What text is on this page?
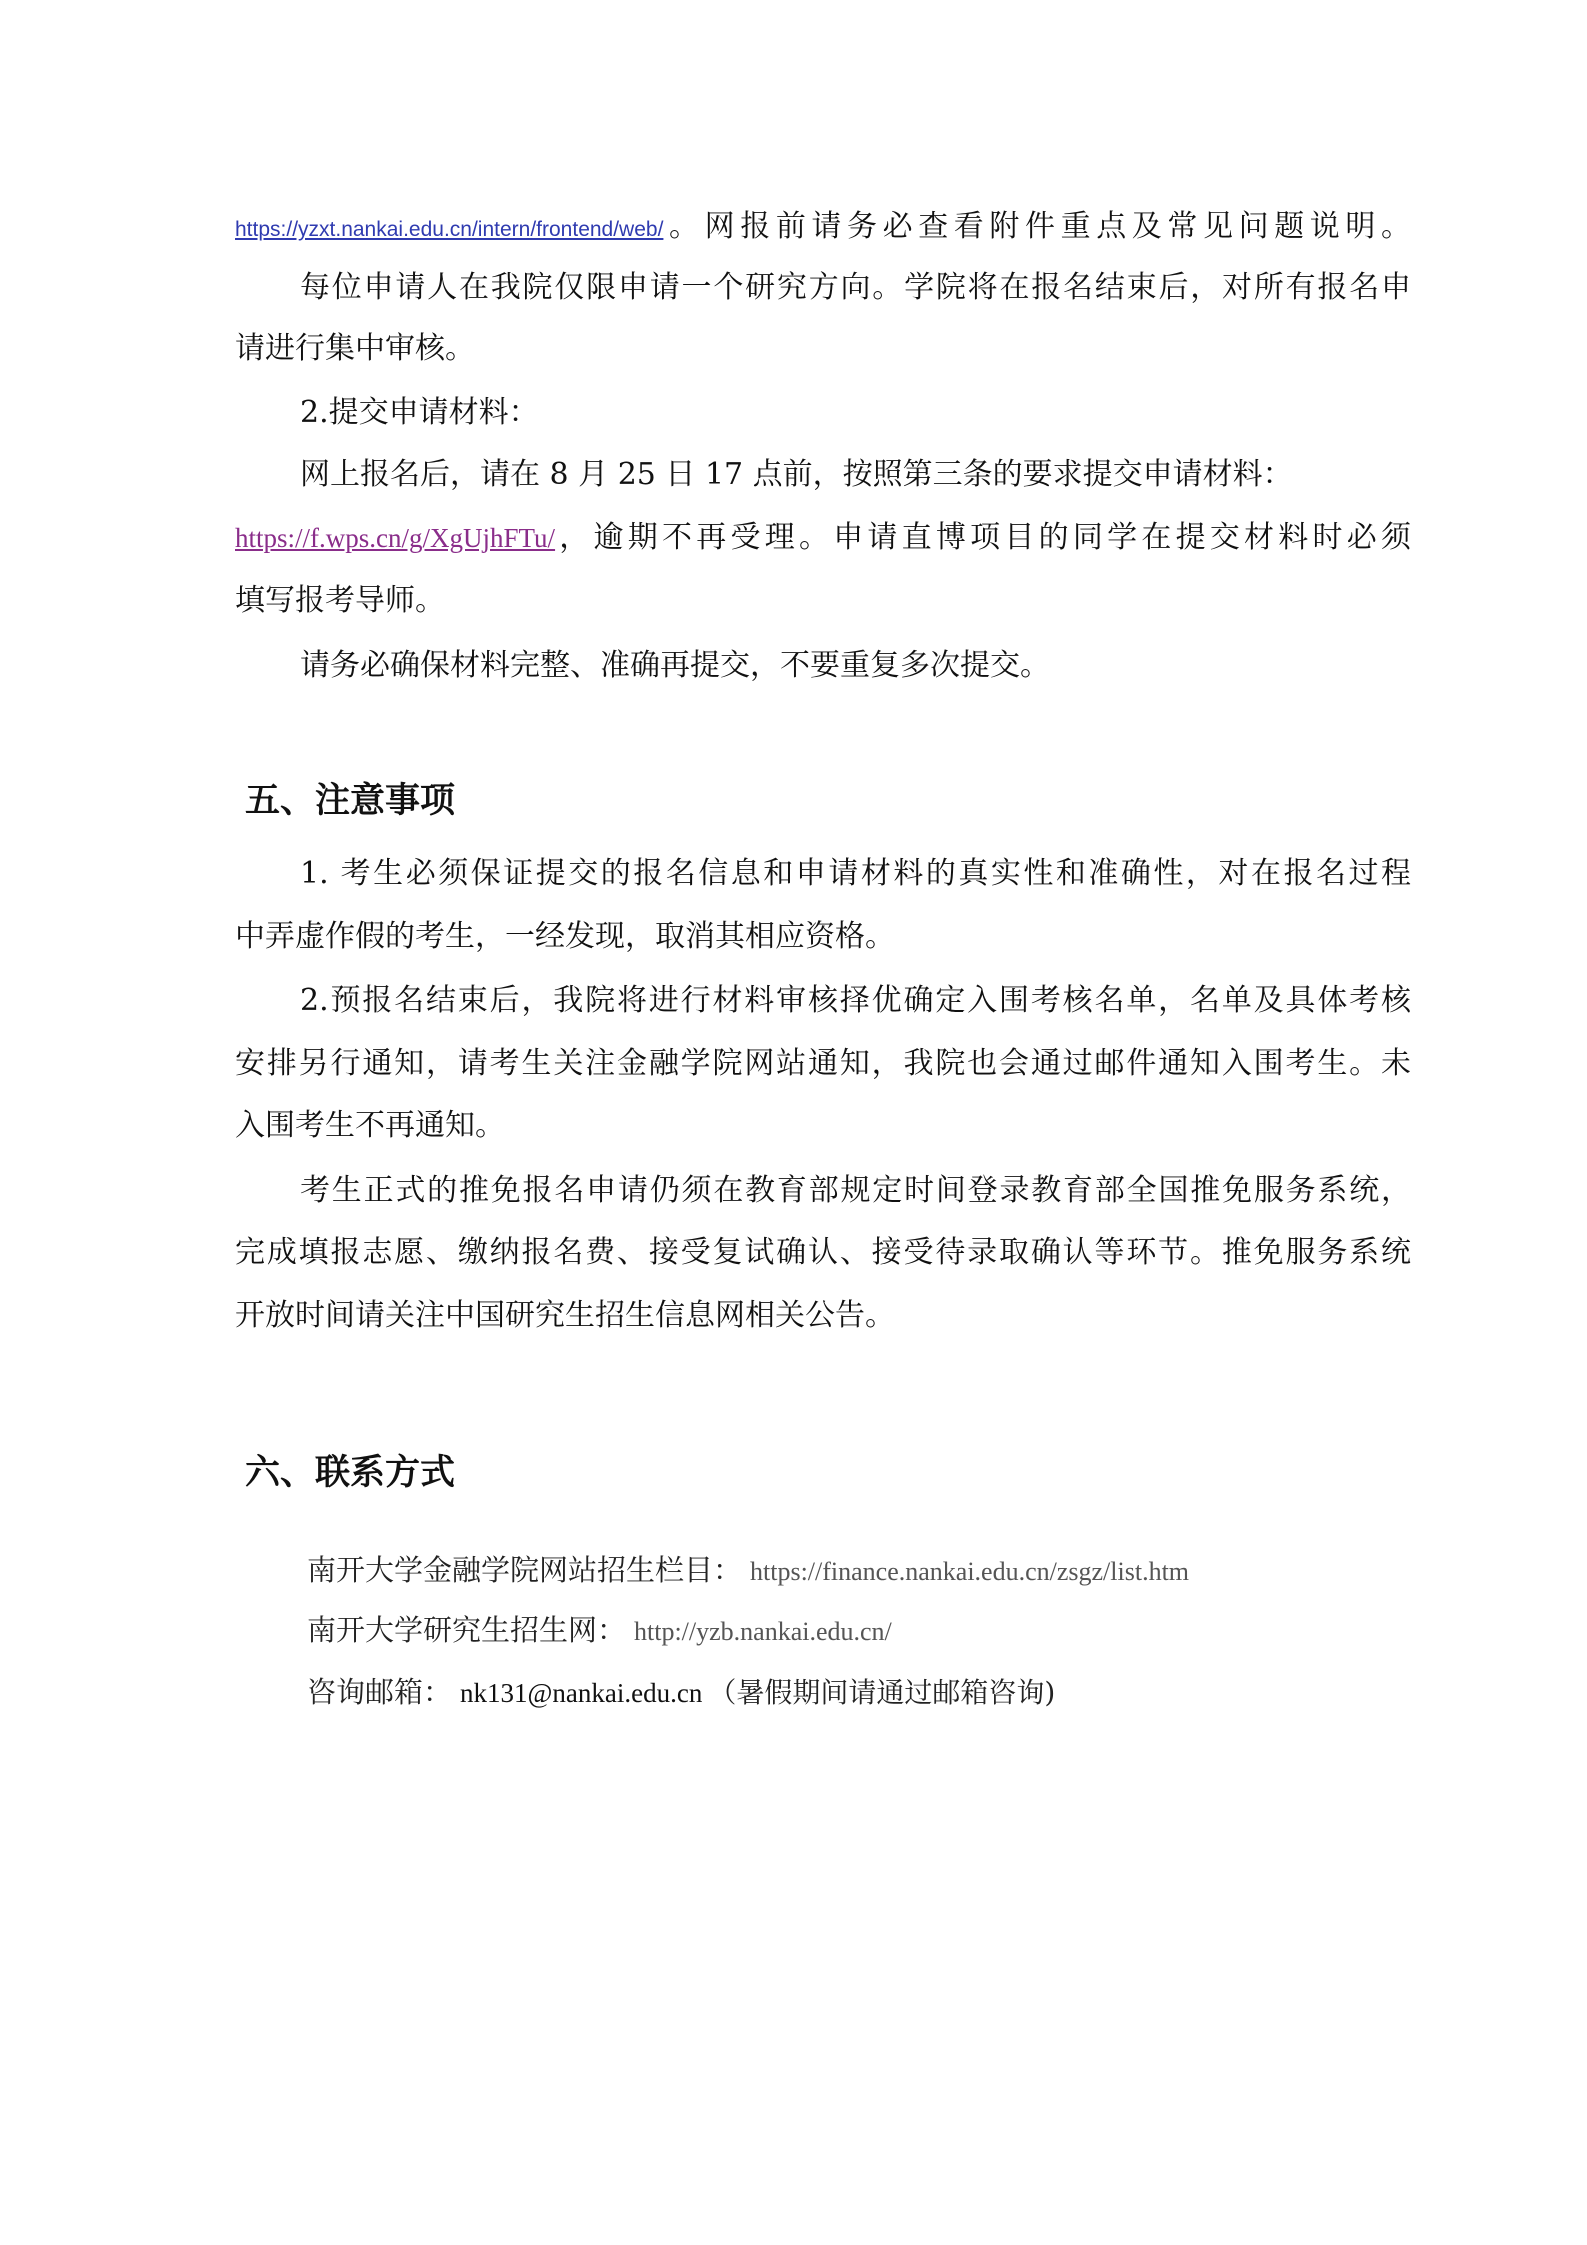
https://yzxt.nankai.edu.cn/intern/frontend/web/。网报前请务必查看附件重点及常见问题说明。
每位申请人在我院仅限申请一个研究方向。学院将在报名结束后，对所有报名申
请进行集中审核。
2.提交申请材料：
网上报名后，请在 8 月 25 日 17 点前，按照第三条的要求提交申请材料：
https://f.wps.cn/g/XgUjhFTu/，逾期不再受理。申请直博项目的同学在提交材料时必须
填写报考导师。
请务必确保材料完整、准确再提交，不要重复多次提交。
五、注意事项
1. 考生必须保证提交的报名信息和申请材料的真实性和准确性，对在报名过程
中弄虚作假的考生，一经发现，取消其相应资格。
2.预报名结束后，我院将进行材料审核择优确定入围考核名单，名单及具体考核
安排另行通知，请考生关注金融学院网站通知，我院也会通过邮件通知入围考生。未
入围考生不再通知。
考生正式的推免报名申请仍须在教育部规定时间登录教育部全国推免服务系统，
完成填报志愿、缴纳报名费、接受复试确认、接受待录取确认等环节。推免服务系统
开放时间请关注中国研究生招生信息网相关公告。
六、联系方式
南开大学金融学院网站招生栏目： https://finance.nankai.edu.cn/zsgz/list.htm
南开大学研究生招生网： http://yzb.nankai.edu.cn/
咨询邮箱： nk131@nankai.edu.cn （暑假期间请通过邮箱咨询)
